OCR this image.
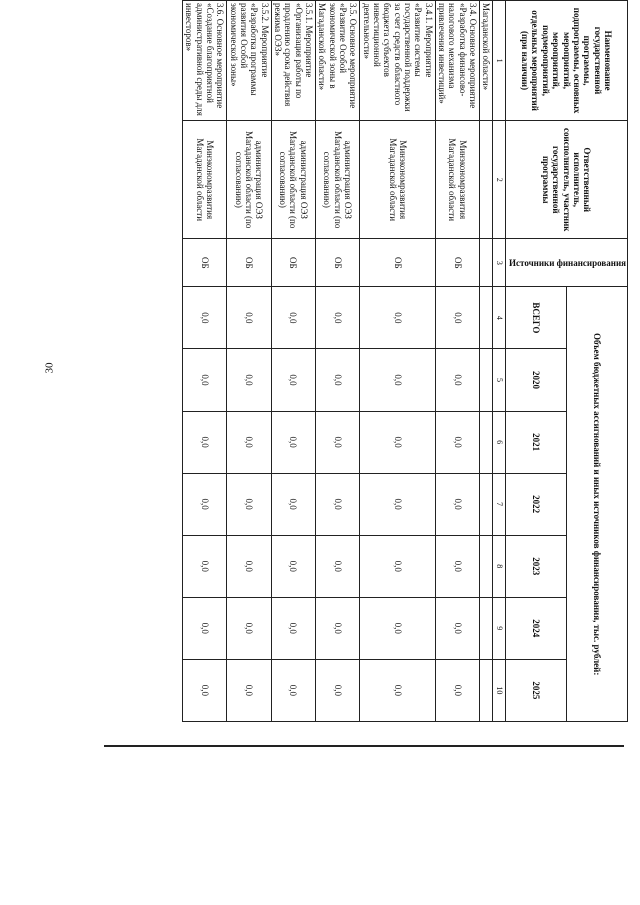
30
Наименование государственной программы, подпрограммы, основных мероприятий, мероприятий, подмероприятий, отдельных мероприятий (при наличии)	Ответственный исполнитель, соисполнитель, участник государственной программы	Источники финансирования	Объем бюджетных ассигнований и иных источников финансирования, тыс. рублей:						
			ВСЕГО	2020	2021	2022	2023	2024	2025
1	2	3	4	5	6	7	8	9	10
Магаданской области»									
3.4. Основное мероприятие «Разработка финансово-налогового механизма привлечения инвестиций»	Минэкономразвития Магаданской области	ОБ	0,0	0,0	0,0	0,0	0,0	0,0	0,0
3.4.1. Мероприятие «Развитие системы государственной поддержки за счет средств областного бюджета субъектов инвестиционной деятельности»	Минэкономразвития Магаданской области	ОБ	0,0	0,0	0,0	0,0	0,0	0,0	0,0
3.5. Основное мероприятие «Развитие Особой экономической зоны в Магаданской области»	администрация ОЭЗ Магаданской области (по согласованию)	ОБ	0,0	0,0	0,0	0,0	0,0	0,0	0,0
3.5.1. Мероприятие «Организация работы по продлению срока действия режима ОЭЗ»	администрация ОЭЗ Магаданской области (по согласованию)	ОБ	0,0	0,0	0,0	0,0	0,0	0,0	0,0
3.5.2. Мероприятие «Разработка программы развития Особой экономической зоны»	администрация ОЭЗ Магаданской области (по согласованию)	ОБ	0,0	0,0	0,0	0,0	0,0	0,0	0,0
3.6. Основное мероприятие «Создание благоприятной административной среды для инвесторов»	Минэкономразвития Магаданской области	ОБ	0,0	0,0	0,0	0,0	0,0	0,0	0,0
